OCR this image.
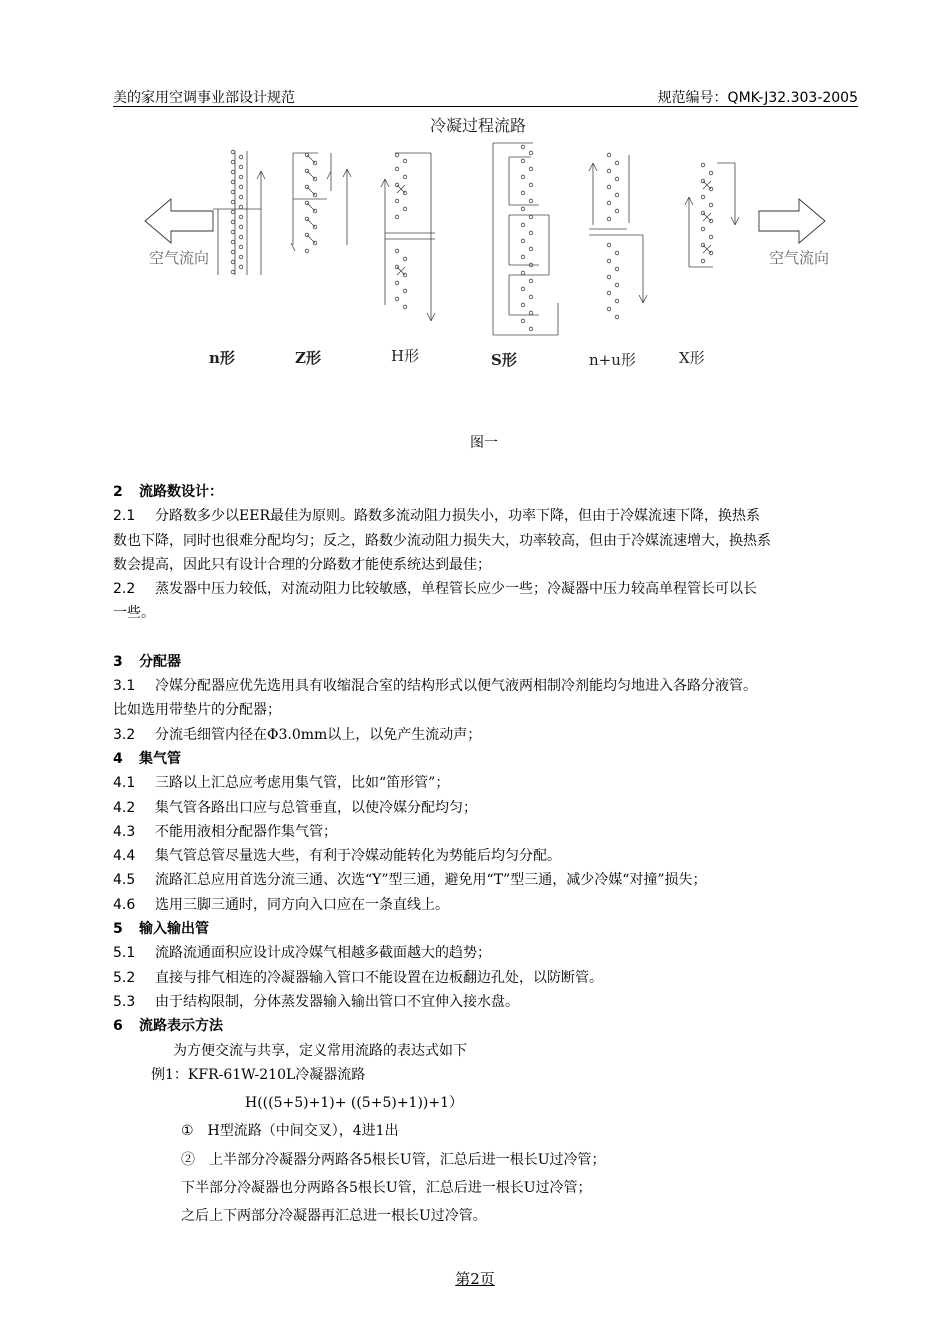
美的家用空调事业部设计规范	规范编号：QMK-J32.303-2005
冷凝过程流路
空气流向	空气流向
n形	Z形	H形	S形	n+u形	X形
图一
2 流路数设计：
2.1 分路数多少以EER最佳为原则。路数多流动阻力损失小，功率下降，但由于冷媒流速下降，换热系
数也下降，同时也很难分配均匀；反之，路数少流动阻力损失大，功率较高，但由于冷媒流速增大，换热系
数会提高，因此只有设计合理的分路数才能使系统达到最佳；
2.2 蒸发器中压力较低，对流动阻力比较敏感，单程管长应少一些；冷凝器中压力较高单程管长可以长
一些。
3 分配器
3.1 冷媒分配器应优先选用具有收缩混合室的结构形式以便气液两相制冷剂能均匀地进入各路分液管。
比如选用带垫片的分配器；
3.2 分流毛细管内径在Φ3.0mm以上，以免产生流动声；
4 集气管
4.1 三路以上汇总应考虑用集气管，比如“笛形管”；
4.2 集气管各路出口应与总管垂直，以使冷媒分配均匀；
4.3 不能用液相分配器作集气管；
4.4 集气管总管尽量选大些，有利于冷媒动能转化为势能后均匀分配。
4.5 流路汇总应用首选分流三通、次选“Y”型三通，避免用“T”型三通，减少冷媒“对撞”损失；
4.6 选用三脚三通时，同方向入口应在一条直线上。
5 输入输出管
5.1 流路流通面积应设计成冷媒气相越多截面越大的趋势；
5.2 直接与排气相连的冷凝器输入管口不能设置在边板翻边孔处，以防断管。
5.3 由于结构限制，分体蒸发器输入输出管口不宜伸入接水盘。
6 流路表示方法
为方便交流与共享，定义常用流路的表达式如下
例1：KFR-61W-210L冷凝器流路
H(((5+5)+1)+ ((5+5)+1))+1）
①　H型流路（中间交叉），4进1出
②　上半部分冷凝器分两路各5根长U管，汇总后进一根长U过冷管；
下半部分冷凝器也分两路各5根长U管，汇总后进一根长U过冷管；
之后上下两部分冷凝器再汇总进一根长U过冷管。
第2页
